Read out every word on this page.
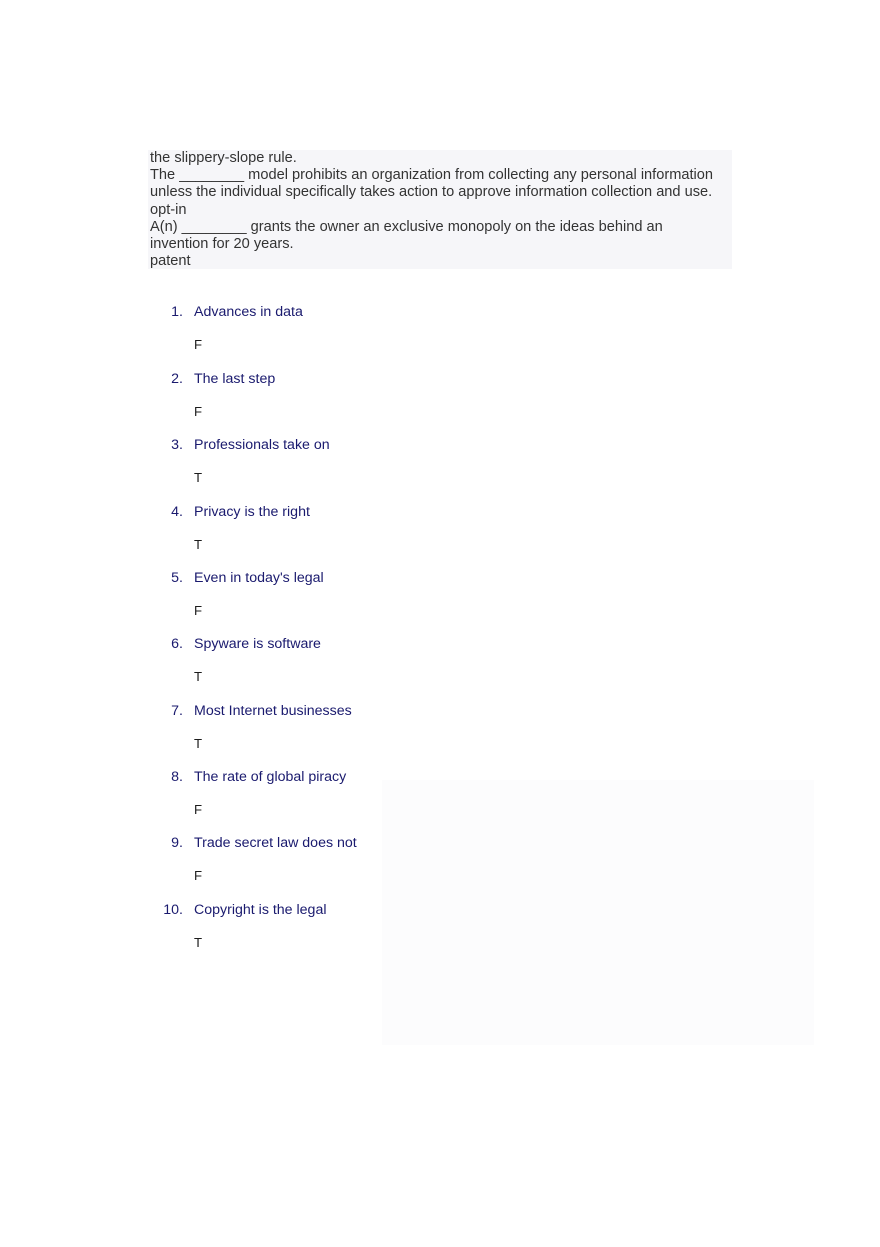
the slippery-slope rule.
The ________ model prohibits an organization from collecting any personal information
unless the individual specifically takes action to approve information collection and use.
opt-in
A(n) ________ grants the owner an exclusive monopoly on the ideas behind an
invention for 20 years.
patent
1. Advances in data
F
2. The last step
F
3. Professionals take on
T
4. Privacy is the right
T
5. Even in today's legal
F
6. Spyware is software
T
7. Most Internet businesses
T
8. The rate of global piracy
F
9. Trade secret law does not
F
10. Copyright is the legal
T
